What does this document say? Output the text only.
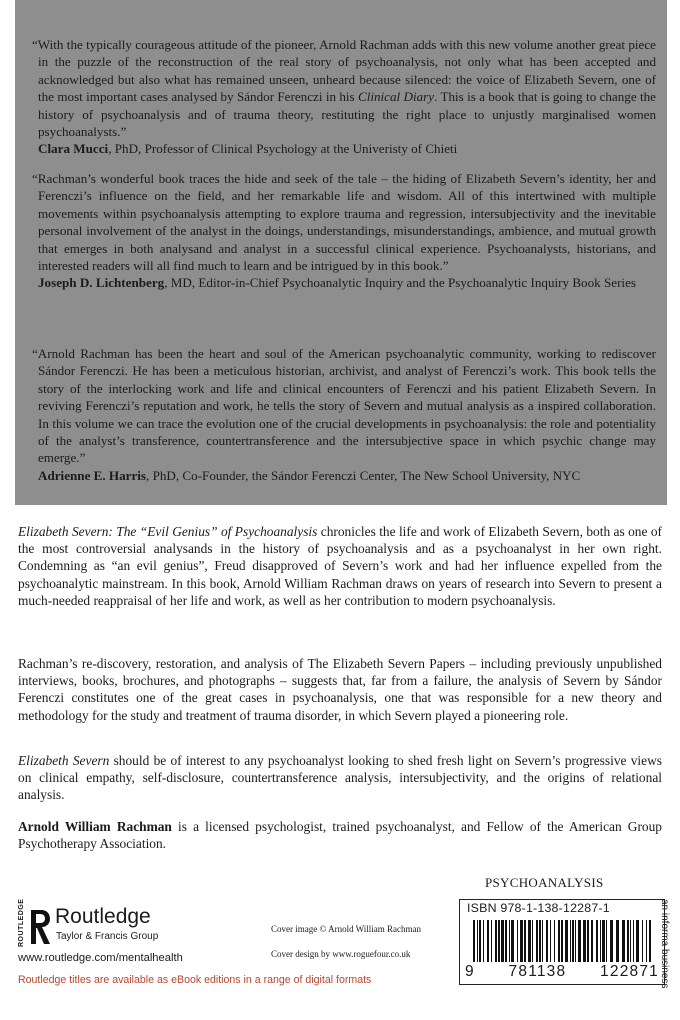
“With the typically courageous attitude of the pioneer, Arnold Rachman adds with this new volume another great piece in the puzzle of the reconstruction of the real story of psychoanalysis, not only what has been accepted and acknowledged but also what has remained unseen, unheard because silenced: the voice of Elizabeth Severn, one of the most important cases analysed by Sándor Ferenczi in his Clinical Diary. This is a book that is going to change the history of psychoanalysis and of trauma theory, restituting the right place to unjustly marginalised women psychoanalysts.”
Clara Mucci, PhD, Professor of Clinical Psychology at the Univeristy of Chieti
“Rachman’s wonderful book traces the hide and seek of the tale – the hiding of Elizabeth Severn’s identity, her and Ferenczi’s influence on the field, and her remarkable life and wisdom. All of this intertwined with multiple movements within psychoanalysis attempting to explore trauma and regression, intersubjectivity and the inevitable personal involvement of the analyst in the doings, understandings, misunderstandings, ambience, and mutual growth that emerges in both analysand and analyst in a successful clinical experience. Psychoanalysts, historians, and interested readers will all find much to learn and be intrigued by in this book.”
Joseph D. Lichtenberg, MD, Editor-in-Chief Psychoanalytic Inquiry and the Psychoanalytic Inquiry Book Series
“Arnold Rachman has been the heart and soul of the American psychoanalytic community, working to rediscover Sándor Ferenczi. He has been a meticulous historian, archivist, and analyst of Ferenczi’s work. This book tells the story of the interlocking work and life and clinical encounters of Ferenczi and his patient Elizabeth Severn. In reviving Ferenczi’s reputation and work, he tells the story of Severn and mutual analysis as a inspired collaboration. In this volume we can trace the evolution one of the crucial developments in psychoanalysis: the role and potentiality of the analyst’s transference, countertransference and the intersubjective space in which psychic change may emerge.”
Adrienne E. Harris, PhD, Co-Founder, the Sándor Ferenczi Center, The New School University, NYC
Elizabeth Severn: The “Evil Genius” of Psychoanalysis chronicles the life and work of Elizabeth Severn, both as one of the most controversial analysands in the history of psychoanalysis and as a psychoanalyst in her own right. Condemning as “an evil genius”, Freud disapproved of Severn’s work and had her influence expelled from the psychoanalytic mainstream. In this book, Arnold William Rachman draws on years of research into Severn to present a much-needed reappraisal of her life and work, as well as her contribution to modern psychoanalysis.
Rachman’s re-discovery, restoration, and analysis of The Elizabeth Severn Papers – including previously unpublished interviews, books, brochures, and photographs – suggests that, far from a failure, the analysis of Severn by Sándor Ferenczi constitutes one of the great cases in psychoanalysis, one that was responsible for a new theory and methodology for the study and treatment of trauma disorder, in which Severn played a pioneering role.
Elizabeth Severn should be of interest to any psychoanalyst looking to shed fresh light on Severn’s progressive views on clinical empathy, self-disclosure, countertransference analysis, intersubjectivity, and the origins of relational analysis.
Arnold William Rachman is a licensed psychologist, trained psychoanalyst, and Fellow of the American Group Psychotherapy Association.
PSYCHOANALYSIS
ROUTLEDGE Routledge
Taylor & Francis Group
www.routledge.com/mentalhealth
Routledge titles are available as eBook editions in a range of digital formats
Cover image © Arnold William Rachman
Cover design by www.roguefour.co.uk
ISBN 978-1-138-12287-1
9 781138 122871 an informa business
